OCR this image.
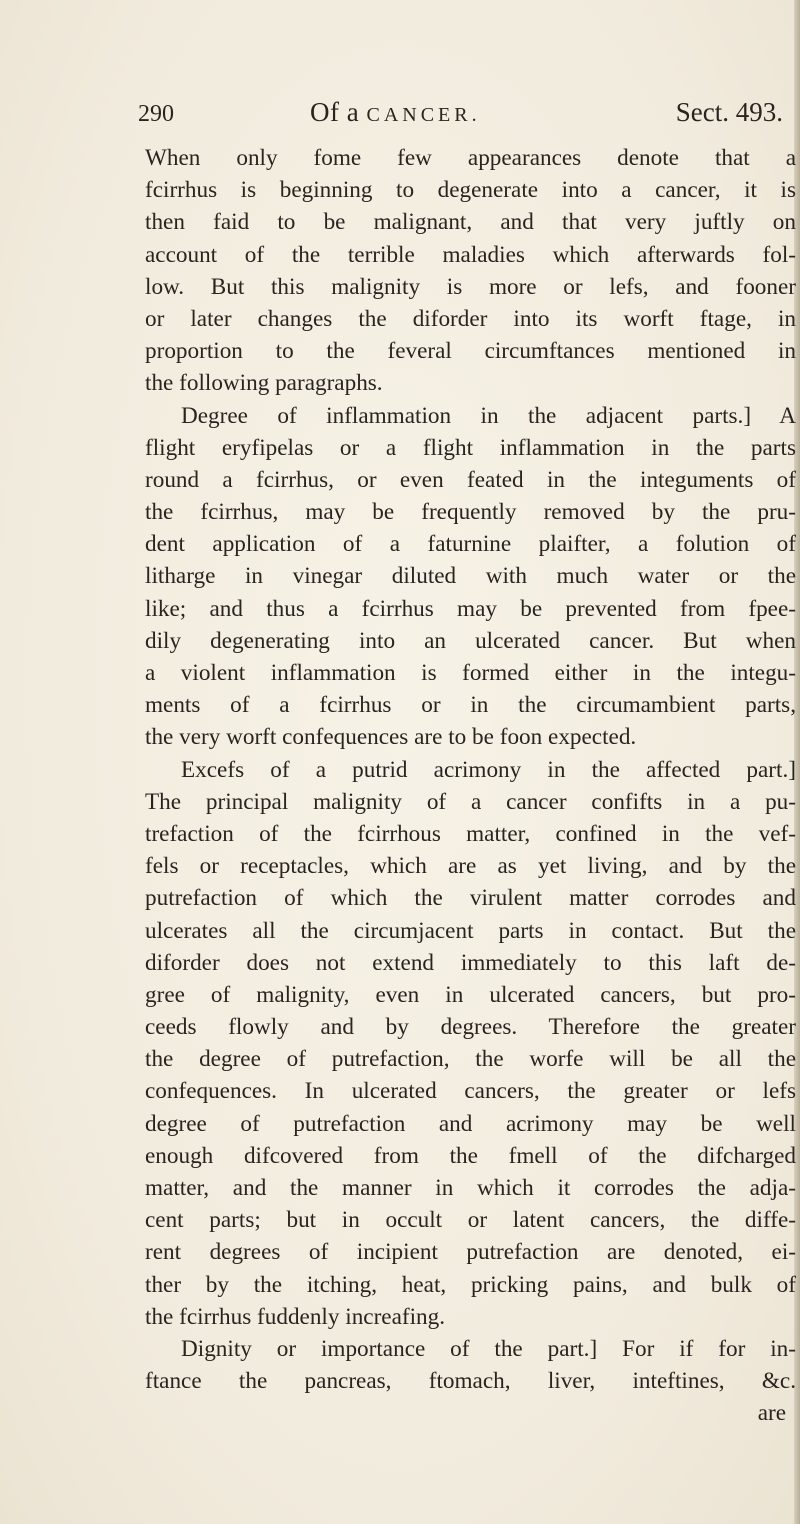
290	Of a CANCER.	Sect. 493.
When only fome few appearances denote that a
fcirrhus is beginning to degenerate into a cancer, it is
then faid to be malignant, and that very juftly on
account of the terrible maladies which afterwards fol-
low. But this malignity is more or lefs, and fooner
or later changes the diforder into its worft ftage, in
proportion to the feveral circumftances mentioned in
the following paragraphs.
Degree of inflammation in the adjacent parts.] A
flight eryfipelas or a flight inflammation in the parts
round a fcirrhus, or even feated in the integuments of
the fcirrhus, may be frequently removed by the pru-
dent application of a faturnine plaifter, a folution of
litharge in vinegar diluted with much water or the
like; and thus a fcirrhus may be prevented from fpee-
dily degenerating into an ulcerated cancer. But when
a violent inflammation is formed either in the integu-
ments of a fcirrhus or in the circumambient parts,
the very worft confequences are to be foon expected.
Excefs of a putrid acrimony in the affected part.]
The principal malignity of a cancer confifts in a pu-
trefaction of the fcirrhous matter, confined in the vef-
fels or receptacles, which are as yet living, and by the
putrefaction of which the virulent matter corrodes and
ulcerates all the circumjacent parts in contact. But the
diforder does not extend immediately to this laft de-
gree of malignity, even in ulcerated cancers, but pro-
ceeds flowly and by degrees. Therefore the greater
the degree of putrefaction, the worfe will be all the
confequences. In ulcerated cancers, the greater or lefs
degree of putrefaction and acrimony may be well
enough difcovered from the fmell of the difcharged
matter, and the manner in which it corrodes the adja-
cent parts; but in occult or latent cancers, the diffe-
rent degrees of incipient putrefaction are denoted, ei-
ther by the itching, heat, pricking pains, and bulk of
the fcirrhus fuddenly increafing.
Dignity or importance of the part.] For if for in-
ftance the pancreas, ftomach, liver, inteftines, &c.
are
